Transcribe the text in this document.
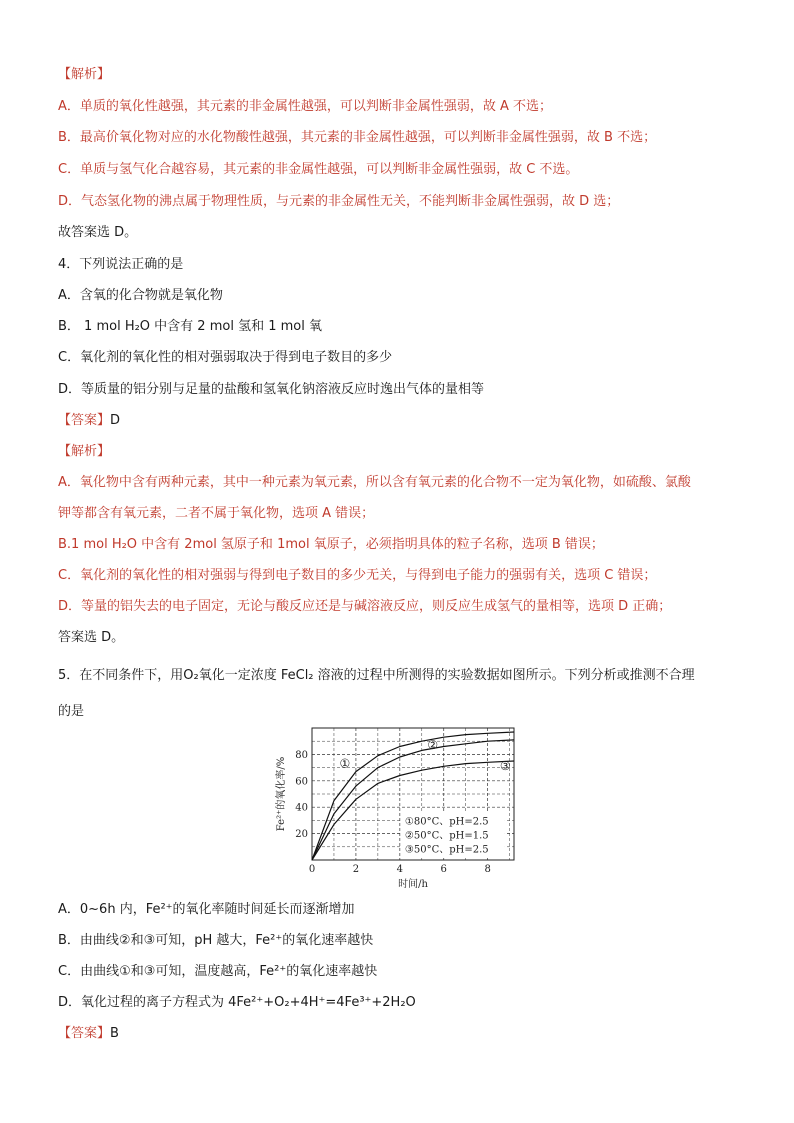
【解析】
A．单质的氧化性越强，其元素的非金属性越强，可以判断非金属性强弱，故 A 不选；
B．最高价氧化物对应的水化物酸性越强，其元素的非金属性越强，可以判断非金属性强弱，故 B 不选；
C．单质与氢气化合越容易，其元素的非金属性越强，可以判断非金属性强弱，故 C 不选。
D．气态氢化物的沸点属于物理性质，与元素的非金属性无关，不能判断非金属性强弱，故 D 选；
故答案选 D。
4．下列说法正确的是
A．含氧的化合物就是氧化物
B． 1 mol H₂O 中含有 2 mol 氢和 1 mol 氧
C．氧化剂的氧化性的相对强弱取决于得到电子数目的多少
D．等质量的铝分别与足量的盐酸和氢氧化钠溶液反应时逸出气体的量相等
【答案】D
【解析】
A．氧化物中含有两种元素，其中一种元素为氧元素，所以含有氧元素的化合物不一定为氧化物，如硫酸、氯酸
钾等都含有氧元素，二者不属于氧化物，选项 A 错误；
B.1 mol H₂O 中含有 2mol 氢原子和 1mol 氧原子，必须指明具体的粒子名称，选项 B 错误；
C．氧化剂的氧化性的相对强弱与得到电子数目的多少无关，与得到电子能力的强弱有关，选项 C 错误；
D．等量的铝失去的电子固定，无论与酸反应还是与碱溶液反应，则反应生成氢气的量相等，选项 D 正确；
答案选 D。
5．在不同条件下，用O₂氧化一定浓度 FeCl₂ 溶液的过程中所测得的实验数据如图所示。下列分析或推测不合理
的是
①
②
③
0	2	4	6	8
20
40
60
80
①80°C、pH=2.5
②50°C、pH=1.5
③50°C、pH=2.5
时间/h
Fe²⁺的氧化率/%
A．0~6h 内，Fe²⁺的氧化率随时间延长而逐渐增加
B．由曲线②和③可知，pH 越大，Fe²⁺的氧化速率越快
C．由曲线①和③可知，温度越高，Fe²⁺的氧化速率越快
D．氧化过程的离子方程式为 4Fe²⁺+O₂+4H⁺=4Fe³⁺+2H₂O
【答案】B
